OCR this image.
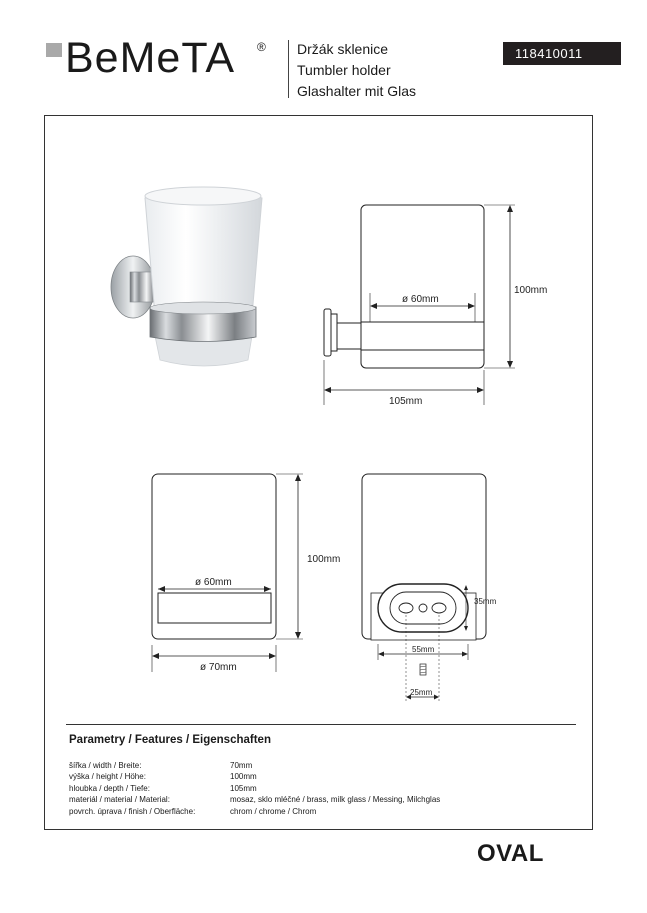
BeMeTA ® Držák sklenice
Tumbler holder
Glashalter mit Glas
118410011
ø 60mm
100mm
105mm
ø 60mm
100mm
ø 70mm
35mm
55mm
25mm
Parametry / Features / Eigenschaften
šířka / width / Breite:	70mm
výška / height / Höhe:	100mm
hloubka / depth / Tiefe:	105mm
materiál / material / Material:	mosaz, sklo mléčné / brass, milk glass / Messing, Milchglas
povrch. úprava / finish / Oberfläche:	chrom / chrome / Chrom
OVAL
